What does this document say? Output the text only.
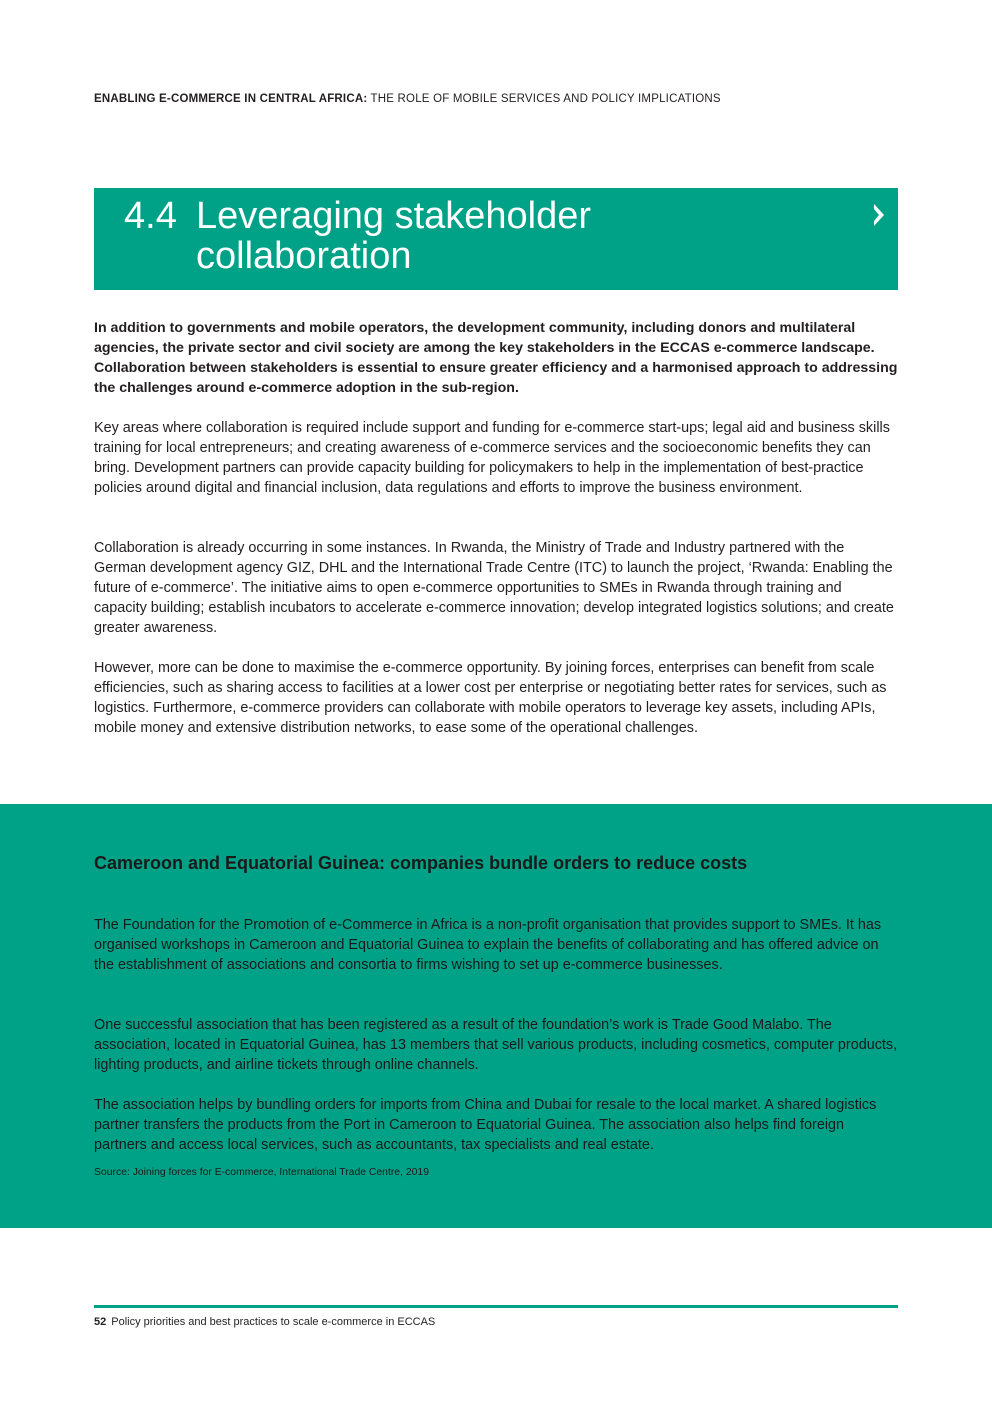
ENABLING E-COMMERCE IN CENTRAL AFRICA: THE ROLE OF MOBILE SERVICES AND POLICY IMPLICATIONS
4.4 Leveraging stakeholder collaboration
In addition to governments and mobile operators, the development community, including donors and multilateral agencies, the private sector and civil society are among the key stakeholders in the ECCAS e-commerce landscape. Collaboration between stakeholders is essential to ensure greater efficiency and a harmonised approach to addressing the challenges around e-commerce adoption in the sub-region.
Key areas where collaboration is required include support and funding for e-commerce start-ups; legal aid and business skills training for local entrepreneurs; and creating awareness of e-commerce services and the socioeconomic benefits they can bring. Development partners can provide capacity building for policymakers to help in the implementation of best-practice policies around digital and financial inclusion, data regulations and efforts to improve the business environment.
Collaboration is already occurring in some instances. In Rwanda, the Ministry of Trade and Industry partnered with the German development agency GIZ, DHL and the International Trade Centre (ITC) to launch the project, ‘Rwanda: Enabling the future of e-commerce’. The initiative aims to open e-commerce opportunities to SMEs in Rwanda through training and capacity building; establish incubators to accelerate e-commerce innovation; develop integrated logistics solutions; and create greater awareness.
However, more can be done to maximise the e-commerce opportunity. By joining forces, enterprises can benefit from scale efficiencies, such as sharing access to facilities at a lower cost per enterprise or negotiating better rates for services, such as logistics. Furthermore, e-commerce providers can collaborate with mobile operators to leverage key assets, including APIs, mobile money and extensive distribution networks, to ease some of the operational challenges.
Cameroon and Equatorial Guinea: companies bundle orders to reduce costs
The Foundation for the Promotion of e-Commerce in Africa is a non-profit organisation that provides support to SMEs. It has organised workshops in Cameroon and Equatorial Guinea to explain the benefits of collaborating and has offered advice on the establishment of associations and consortia to firms wishing to set up e-commerce businesses.
One successful association that has been registered as a result of the foundation’s work is Trade Good Malabo. The association, located in Equatorial Guinea, has 13 members that sell various products, including cosmetics, computer products, lighting products, and airline tickets through online channels.
The association helps by bundling orders for imports from China and Dubai for resale to the local market. A shared logistics partner transfers the products from the Port in Cameroon to Equatorial Guinea. The association also helps find foreign partners and access local services, such as accountants, tax specialists and real estate.
Source: Joining forces for E-commerce, International Trade Centre, 2019
52 Policy priorities and best practices to scale e-commerce in ECCAS
